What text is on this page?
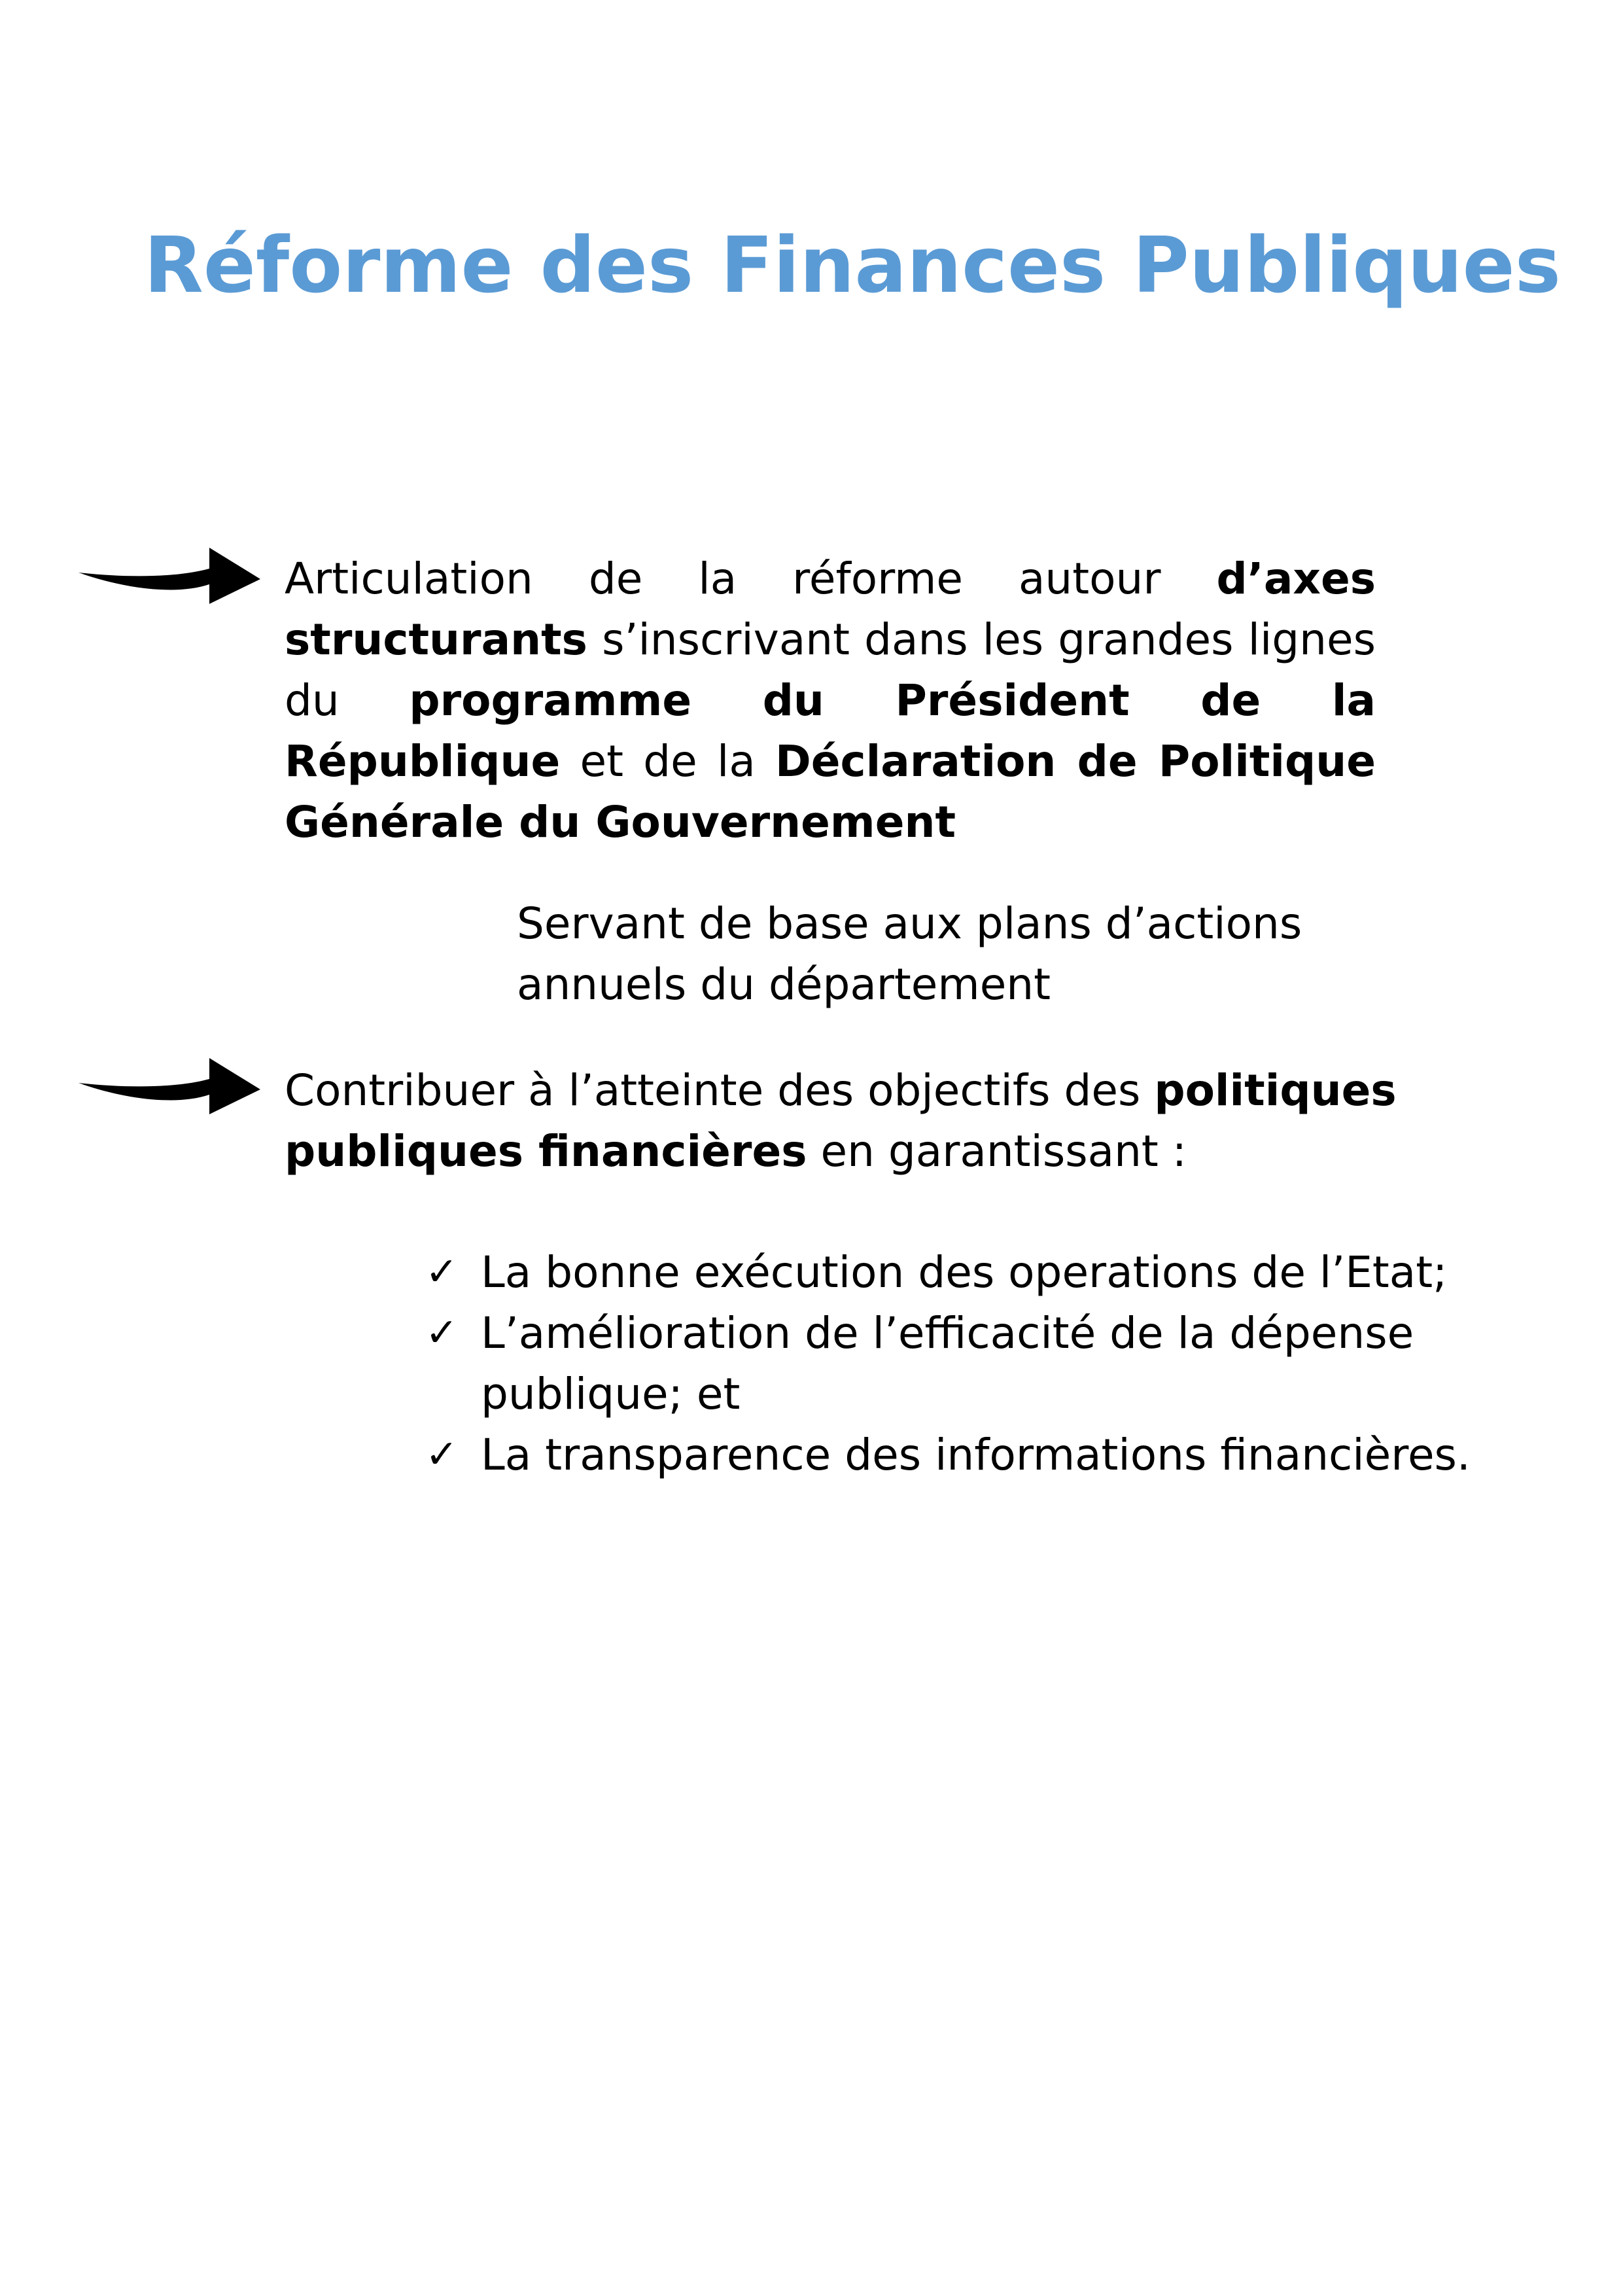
Réforme des Finances Publiques

Articulation de la réforme autour d’axes structurants s’inscrivant dans les grandes lignes du programme du Président de la République et de la Déclaration de Politique Générale du Gouvernement

Servant de base aux plans d’actions annuels du département

Contribuer à l’atteinte des objectifs des politiques publiques financières en garantissant :

✓ La bonne exécution des operations de l’Etat;
✓ L’amélioration de l’efficacité de la dépense publique; et
✓ La transparence des informations financières.
